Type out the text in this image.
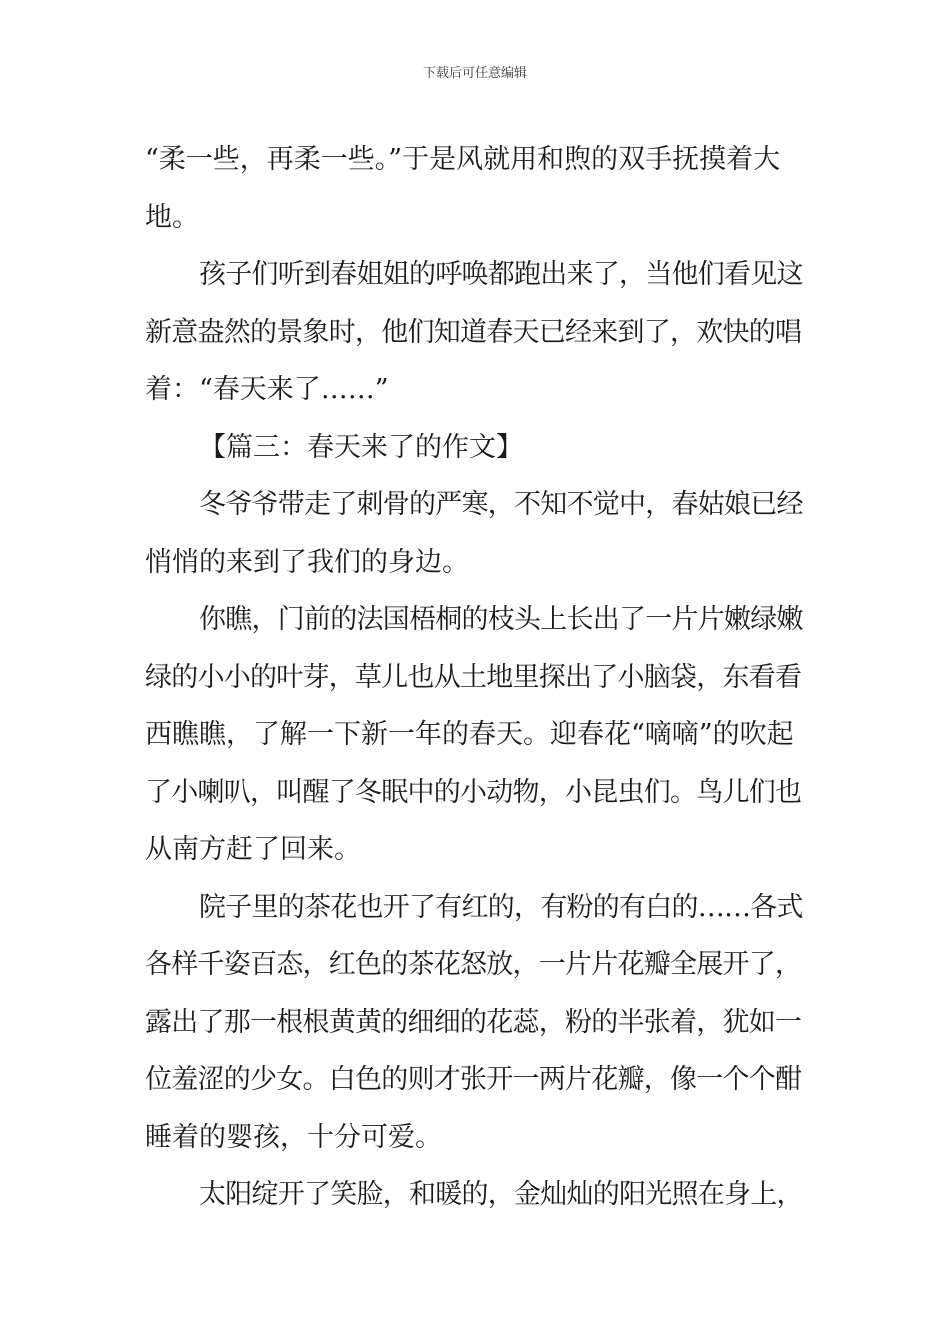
下载后可任意编辑
“柔一些，再柔一些。”于是风就用和煦的双手抚摸着大
地。
孩子们听到春姐姐的呼唤都跑出来了，当他们看见这
新意盎然的景象时，他们知道春天已经来到了，欢快的唱
着：“春天来了……”
【篇三：春天来了的作文】
冬爷爷带走了刺骨的严寒，不知不觉中，春姑娘已经
悄悄的来到了我们的身边。
你瞧，门前的法国梧桐的枝头上长出了一片片嫩绿嫩
绿的小小的叶芽，草儿也从土地里探出了小脑袋，东看看
西瞧瞧，了解一下新一年的春天。迎春花“嘀嘀”的吹起
了小喇叭，叫醒了冬眠中的小动物，小昆虫们。鸟儿们也
从南方赶了回来。
院子里的茶花也开了有红的，有粉的有白的……各式
各样千姿百态，红色的茶花怒放，一片片花瓣全展开了，
露出了那一根根黄黄的细细的花蕊，粉的半张着，犹如一
位羞涩的少女。白色的则才张开一两片花瓣，像一个个酣
睡着的婴孩，十分可爱。
太阳绽开了笑脸，和暖的，金灿灿的阳光照在身上，
